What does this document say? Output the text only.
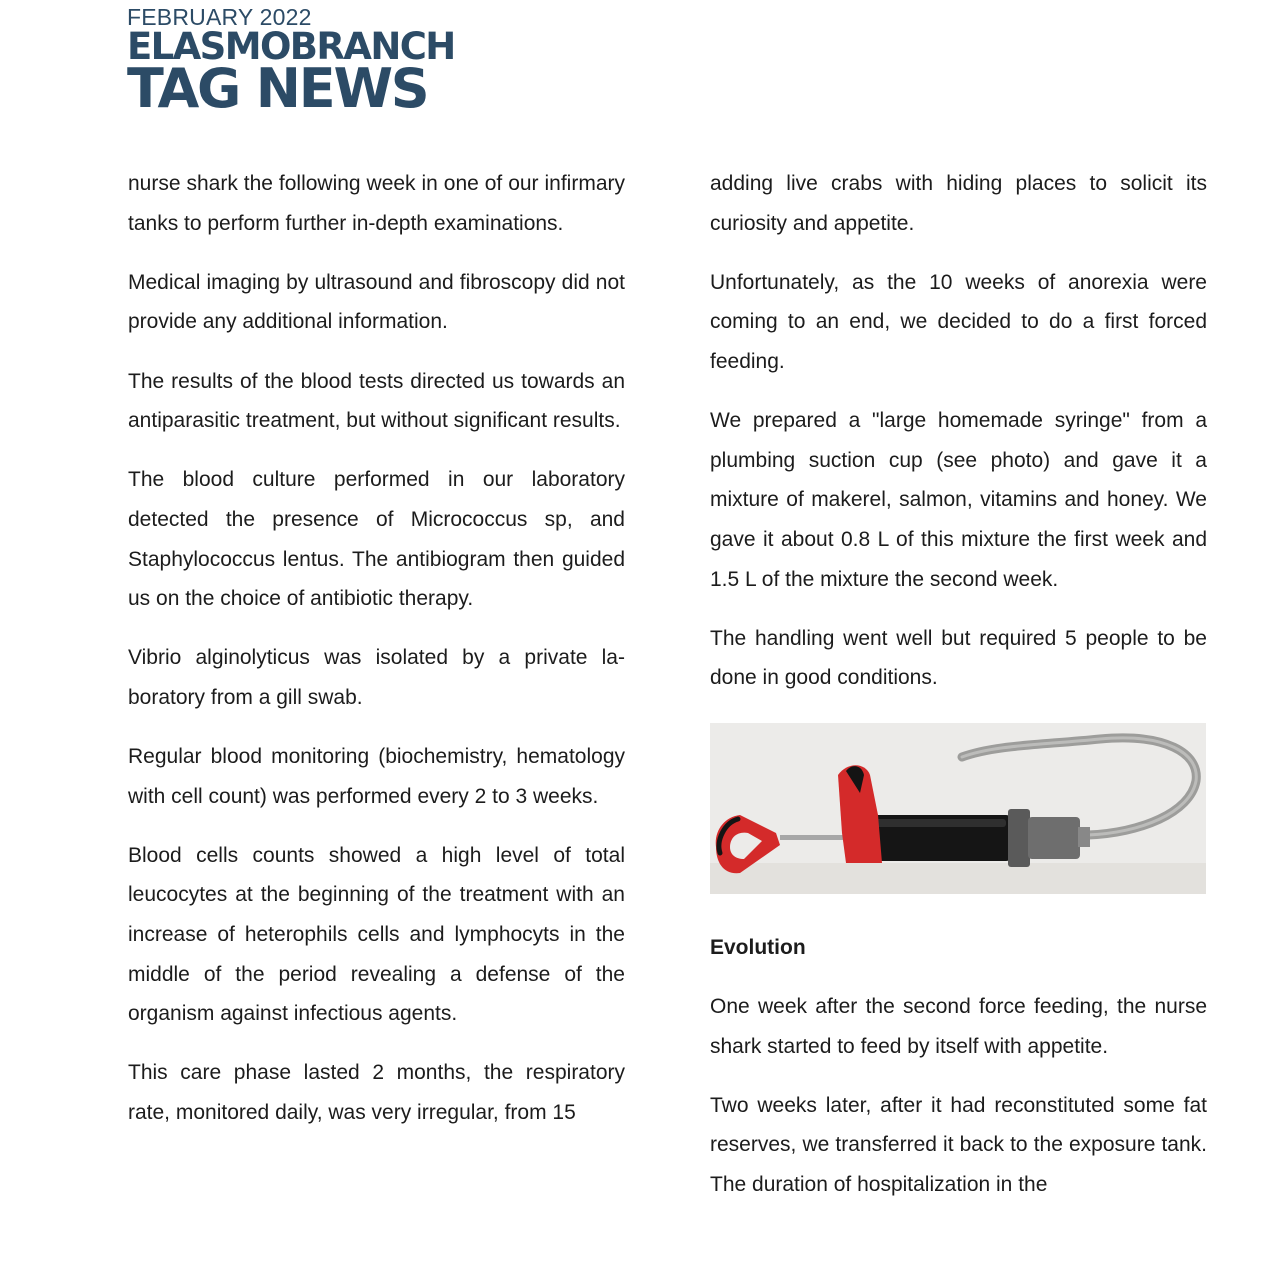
FEBRUARY 2022
ELASMOBRANCH
TAG NEWS

nurse shark the following week in one of our infirmary tanks to perform further in-depth examinations.

Medical imaging by ultrasound and fibroscopy did not provide any additional information.

The results of the blood tests directed us towards an antiparasitic treatment, but without significant results.

The blood culture performed in our laboratory detected the presence of Micrococcus sp, and Staphylococcus lentus. The antibiogram then guided us on the choice of antibiotic therapy.

Vibrio alginolyticus was isolated by a private laboratory from a gill swab.

Regular blood monitoring (biochemistry, hematology with cell count) was performed every 2 to 3 weeks.

Blood cells counts showed a high level of total leucocytes at the beginning of the treatment with an increase of heterophils cells and lymphocyts in the middle of the period revealing a defense of the organism against infectious agents.

This care phase lasted 2 months, the respiratory rate, monitored daily, was very irregular, from 15

adding live crabs with hiding places to solicit its curiosity and appetite.

Unfortunately, as the 10 weeks of anorexia were coming to an end, we decided to do a first forced feeding.

We prepared a "large homemade syringe" from a plumbing suction cup (see photo) and gave it a mixture of makerel, salmon, vitamins and honey. We gave it about 0.8 L of this mixture the first week and 1.5 L of the mixture the second week.

The handling went well but required 5 people to be done in good conditions.

Evolution

One week after the second force feeding, the nurse shark started to feed by itself with appetite.

Two weeks later, after it had reconstituted some fat reserves, we transferred it back to the exposure tank. The duration of hospitalization in the
